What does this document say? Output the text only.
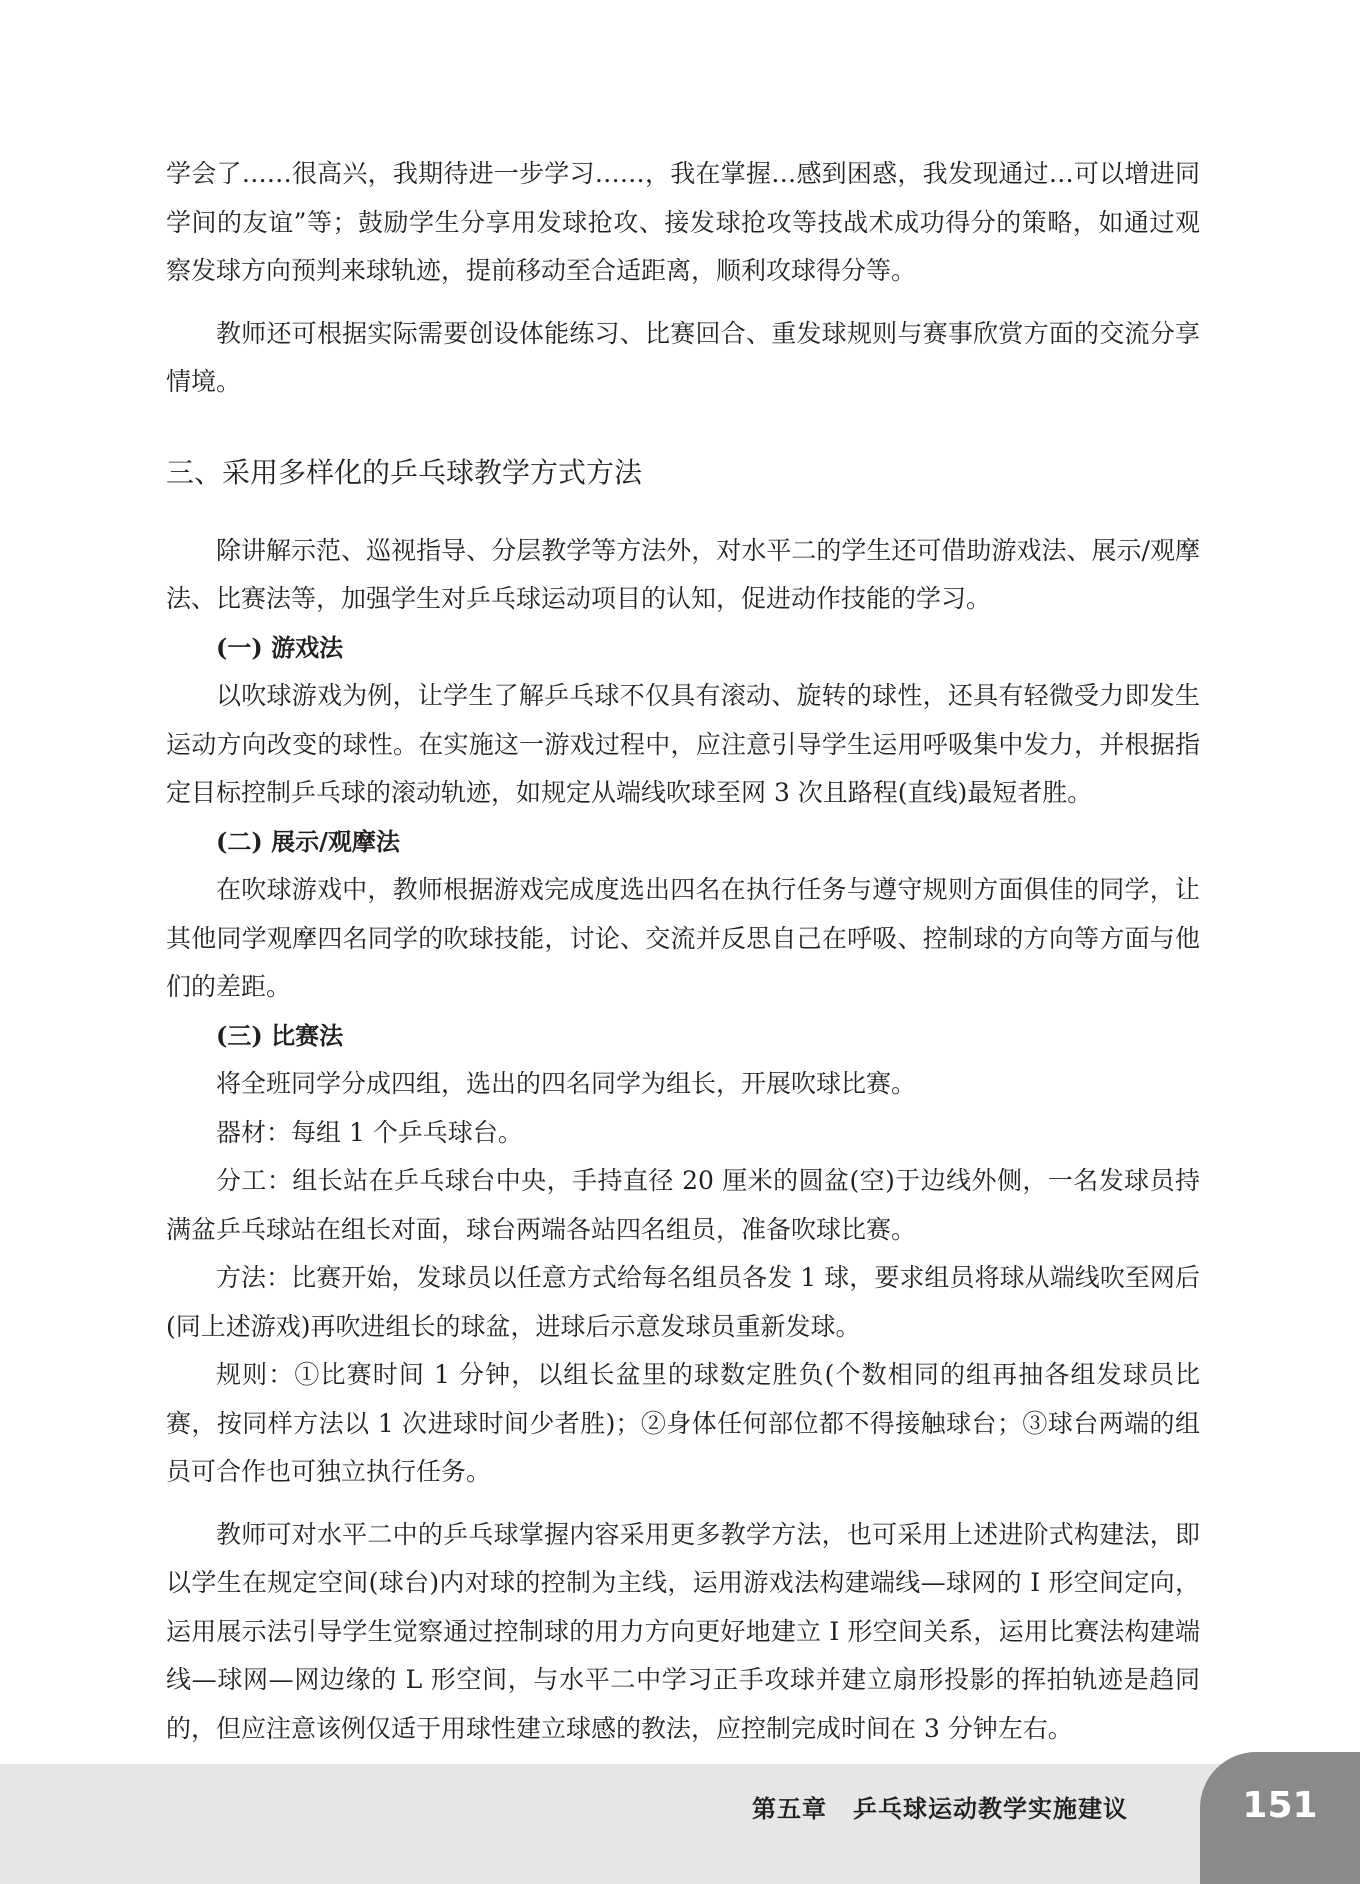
学会了……很高兴，我期待进一步学习……，我在掌握…感到困惑，我发现通过…可以增进同学间的友谊”等；鼓励学生分享用发球抢攻、接发球抢攻等技战术成功得分的策略，如通过观察发球方向预判来球轨迹，提前移动至合适距离，顺利攻球得分等。

教师还可根据实际需要创设体能练习、比赛回合、重发球规则与赛事欣赏方面的交流分享情境。

三、采用多样化的乒乓球教学方式方法

除讲解示范、巡视指导、分层教学等方法外，对水平二的学生还可借助游戏法、展示/观摩法、比赛法等，加强学生对乒乓球运动项目的认知，促进动作技能的学习。

(一) 游戏法

以吹球游戏为例，让学生了解乒乓球不仅具有滚动、旋转的球性，还具有轻微受力即发生运动方向改变的球性。在实施这一游戏过程中，应注意引导学生运用呼吸集中发力，并根据指定目标控制乒乓球的滚动轨迹，如规定从端线吹球至网 3 次且路程(直线)最短者胜。

(二) 展示/观摩法

在吹球游戏中，教师根据游戏完成度选出四名在执行任务与遵守规则方面俱佳的同学，让其他同学观摩四名同学的吹球技能，讨论、交流并反思自己在呼吸、控制球的方向等方面与他们的差距。

(三) 比赛法

将全班同学分成四组，选出的四名同学为组长，开展吹球比赛。

器材：每组 1 个乒乓球台。

分工：组长站在乒乓球台中央，手持直径 20 厘米的圆盆(空)于边线外侧，一名发球员持满盆乒乓球站在组长对面，球台两端各站四名组员，准备吹球比赛。

方法：比赛开始，发球员以任意方式给每名组员各发 1 球，要求组员将球从端线吹至网后(同上述游戏)再吹进组长的球盆，进球后示意发球员重新发球。

规则：①比赛时间 1 分钟，以组长盆里的球数定胜负(个数相同的组再抽各组发球员比赛，按同样方法以 1 次进球时间少者胜)；②身体任何部位都不得接触球台；③球台两端的组员可合作也可独立执行任务。

教师可对水平二中的乒乓球掌握内容采用更多教学方法，也可采用上述进阶式构建法，即以学生在规定空间(球台)内对球的控制为主线，运用游戏法构建端线—球网的 I 形空间定向，运用展示法引导学生觉察通过控制球的用力方向更好地建立 I 形空间关系，运用比赛法构建端线—球网—网边缘的 L 形空间，与水平二中学习正手攻球并建立扇形投影的挥拍轨迹是趋同的，但应注意该例仅适于用球性建立球感的教法，应控制完成时间在 3 分钟左右。

第五章 乒乓球运动教学实施建议	151
